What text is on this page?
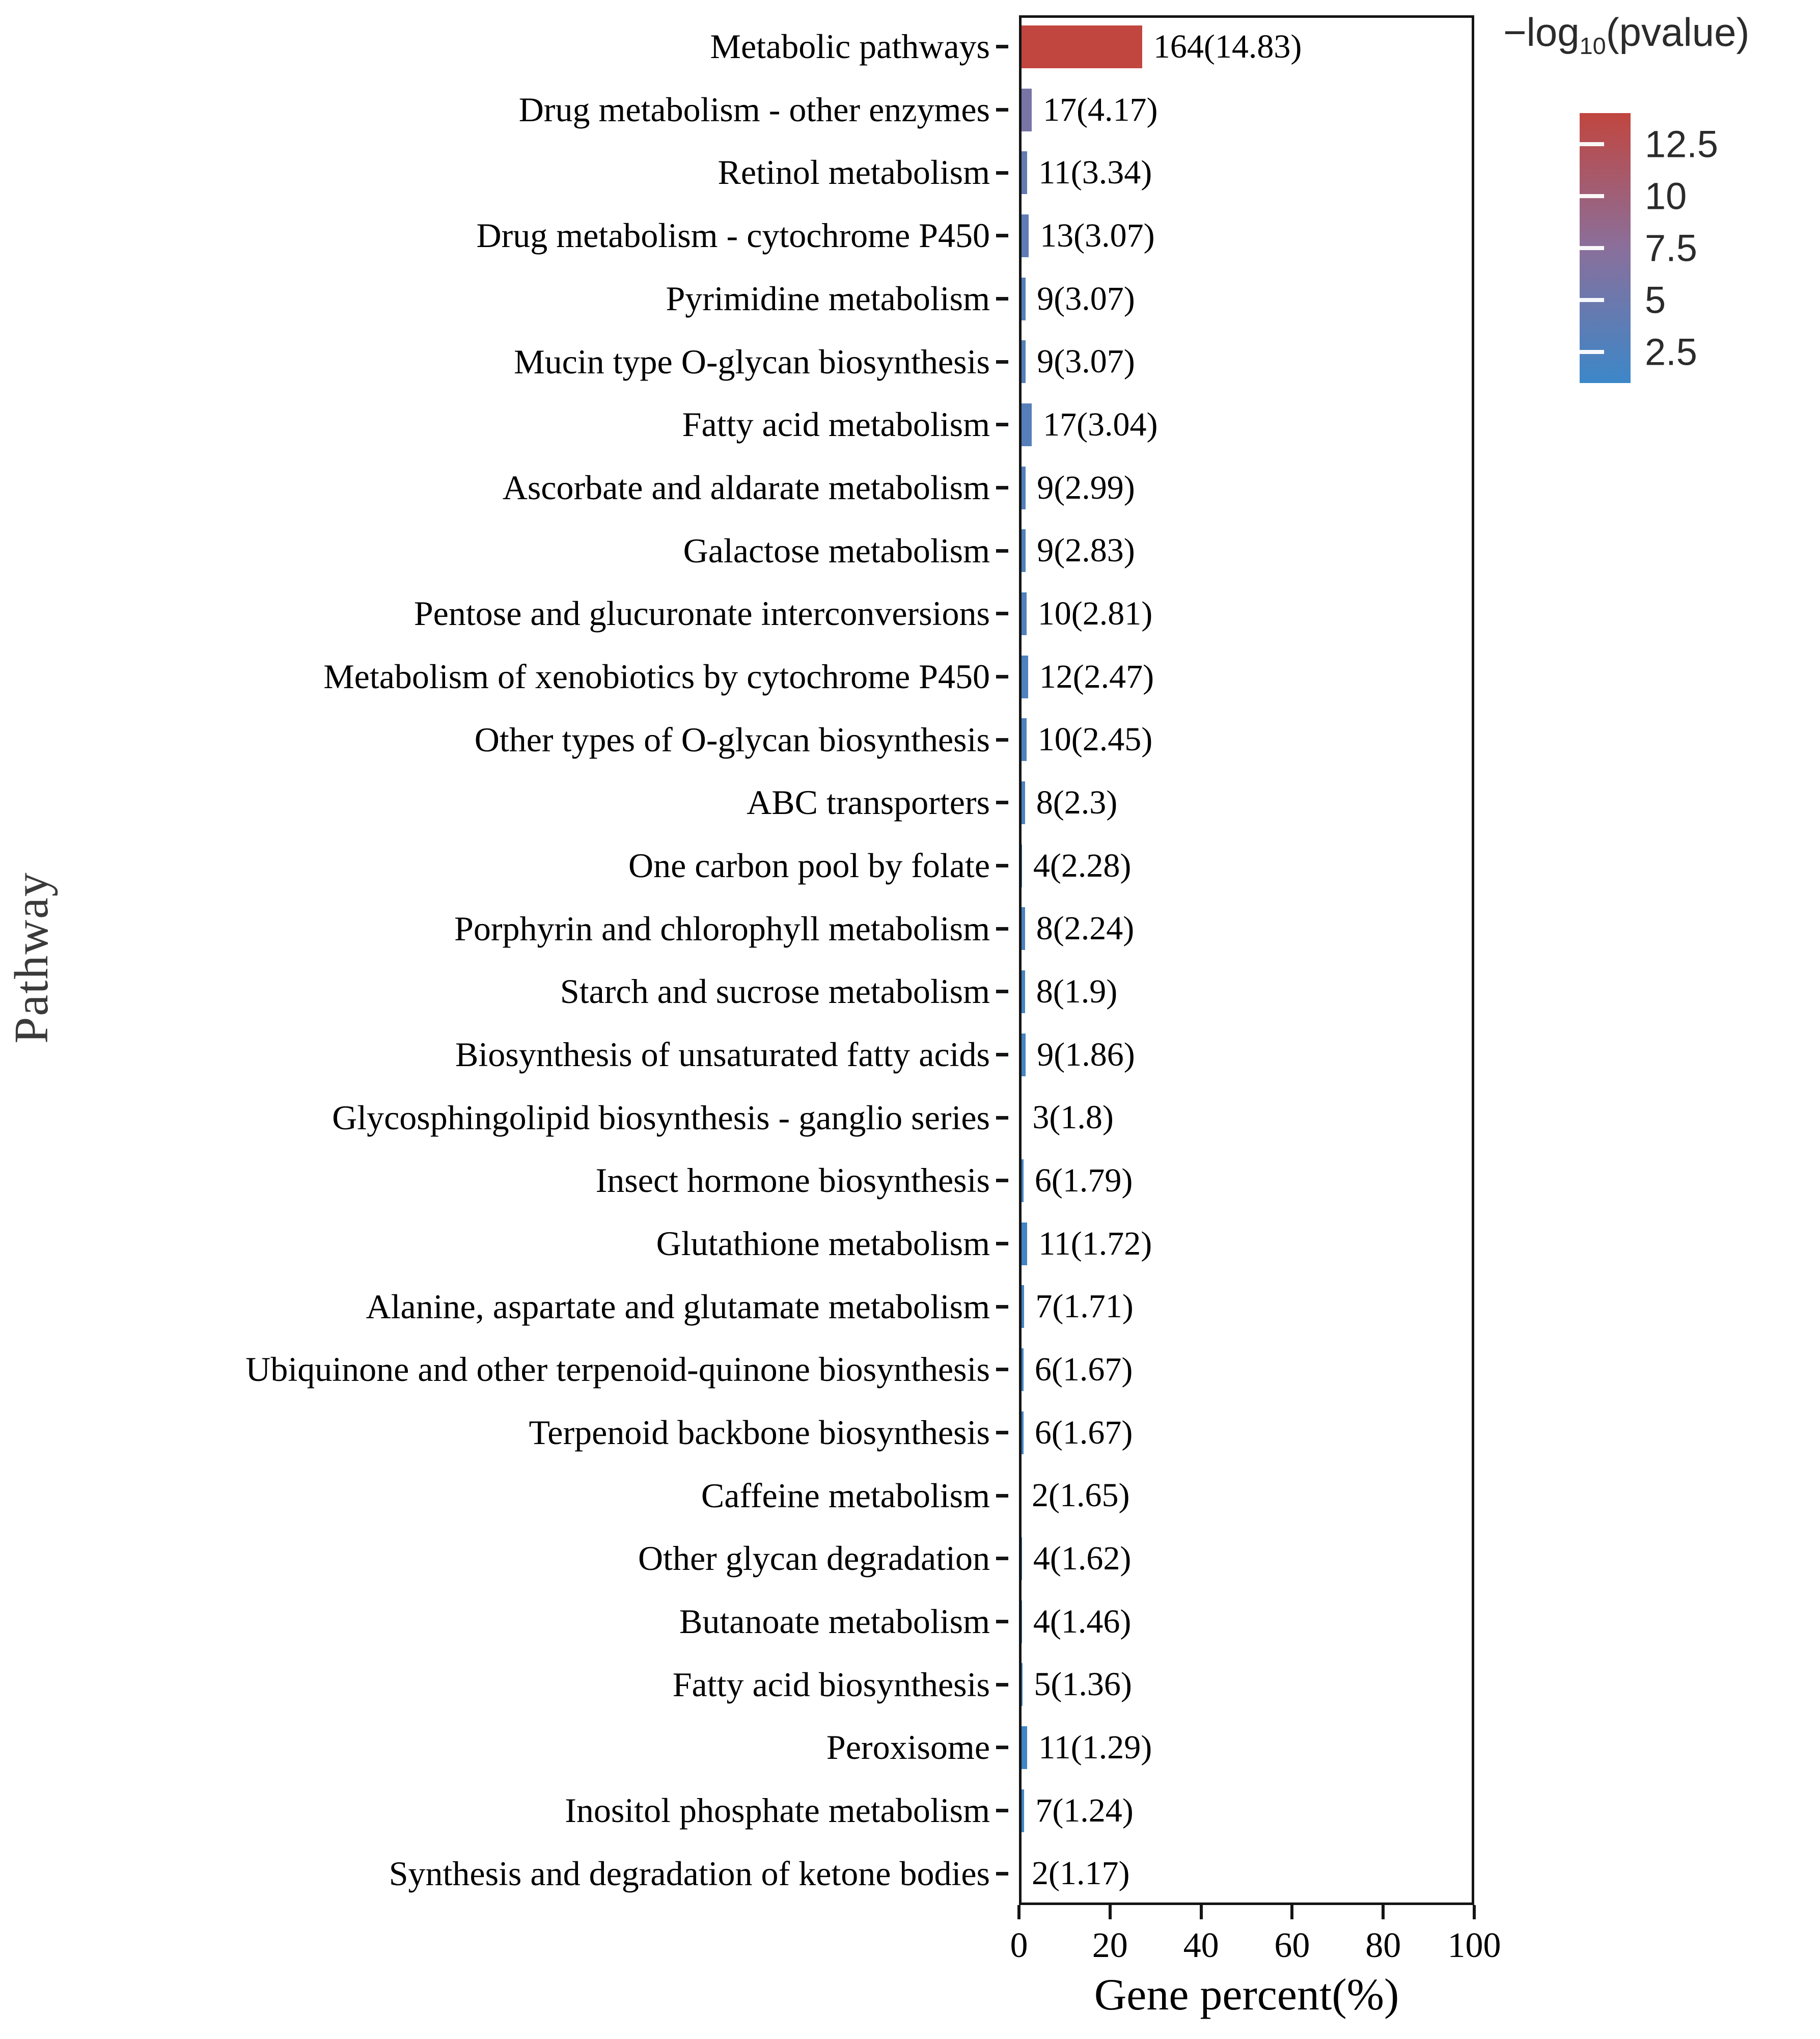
Pathway
Metabolic pathways	164(14.83)
Drug metabolism - other enzymes 17(4.17)
Retinol metabolism 11(3.34)
Drug metabolism - cytochrome P450 13(3.07)
Pyrimidine metabolism 9(3.07)
Mucin type O-glycan biosynthesis 9(3.07)
Fatty acid metabolism 17(3.04)
Ascorbate and aldarate metabolism 9(2.99)
Galactose metabolism 9(2.83)
Pentose and glucuronate interconversions 10(2.81)
Metabolism of xenobiotics by cytochrome P450 12(2.47)
Other types of O-glycan biosynthesis 10(2.45)
ABC transporters 8(2.3)
One carbon pool by folate 4(2.28)
Porphyrin and chlorophyll metabolism 8(2.24)
Starch and sucrose metabolism 8(1.9)
Biosynthesis of unsaturated fatty acids 9(1.86)
Glycosphingolipid biosynthesis - ganglio series 3(1.8)
Insect hormone biosynthesis 6(1.79)
Glutathione metabolism 11(1.72)
Alanine, aspartate and glutamate metabolism 7(1.71)
Ubiquinone and other terpenoid-quinone biosynthesis 6(1.67)
Terpenoid backbone biosynthesis 6(1.67)
Caffeine metabolism 2(1.65)
Other glycan degradation 4(1.62)
Butanoate metabolism 4(1.46)
Fatty acid biosynthesis 5(1.36)
Peroxisome 11(1.29)
Inositol phosphate metabolism 7(1.24)
Synthesis and degradation of ketone bodies 2(1.17)
0 20 40 60 80 100
Gene percent(%)
$-\log_{10}(pvalue)$
12.5
10
7.5
5
2.5
